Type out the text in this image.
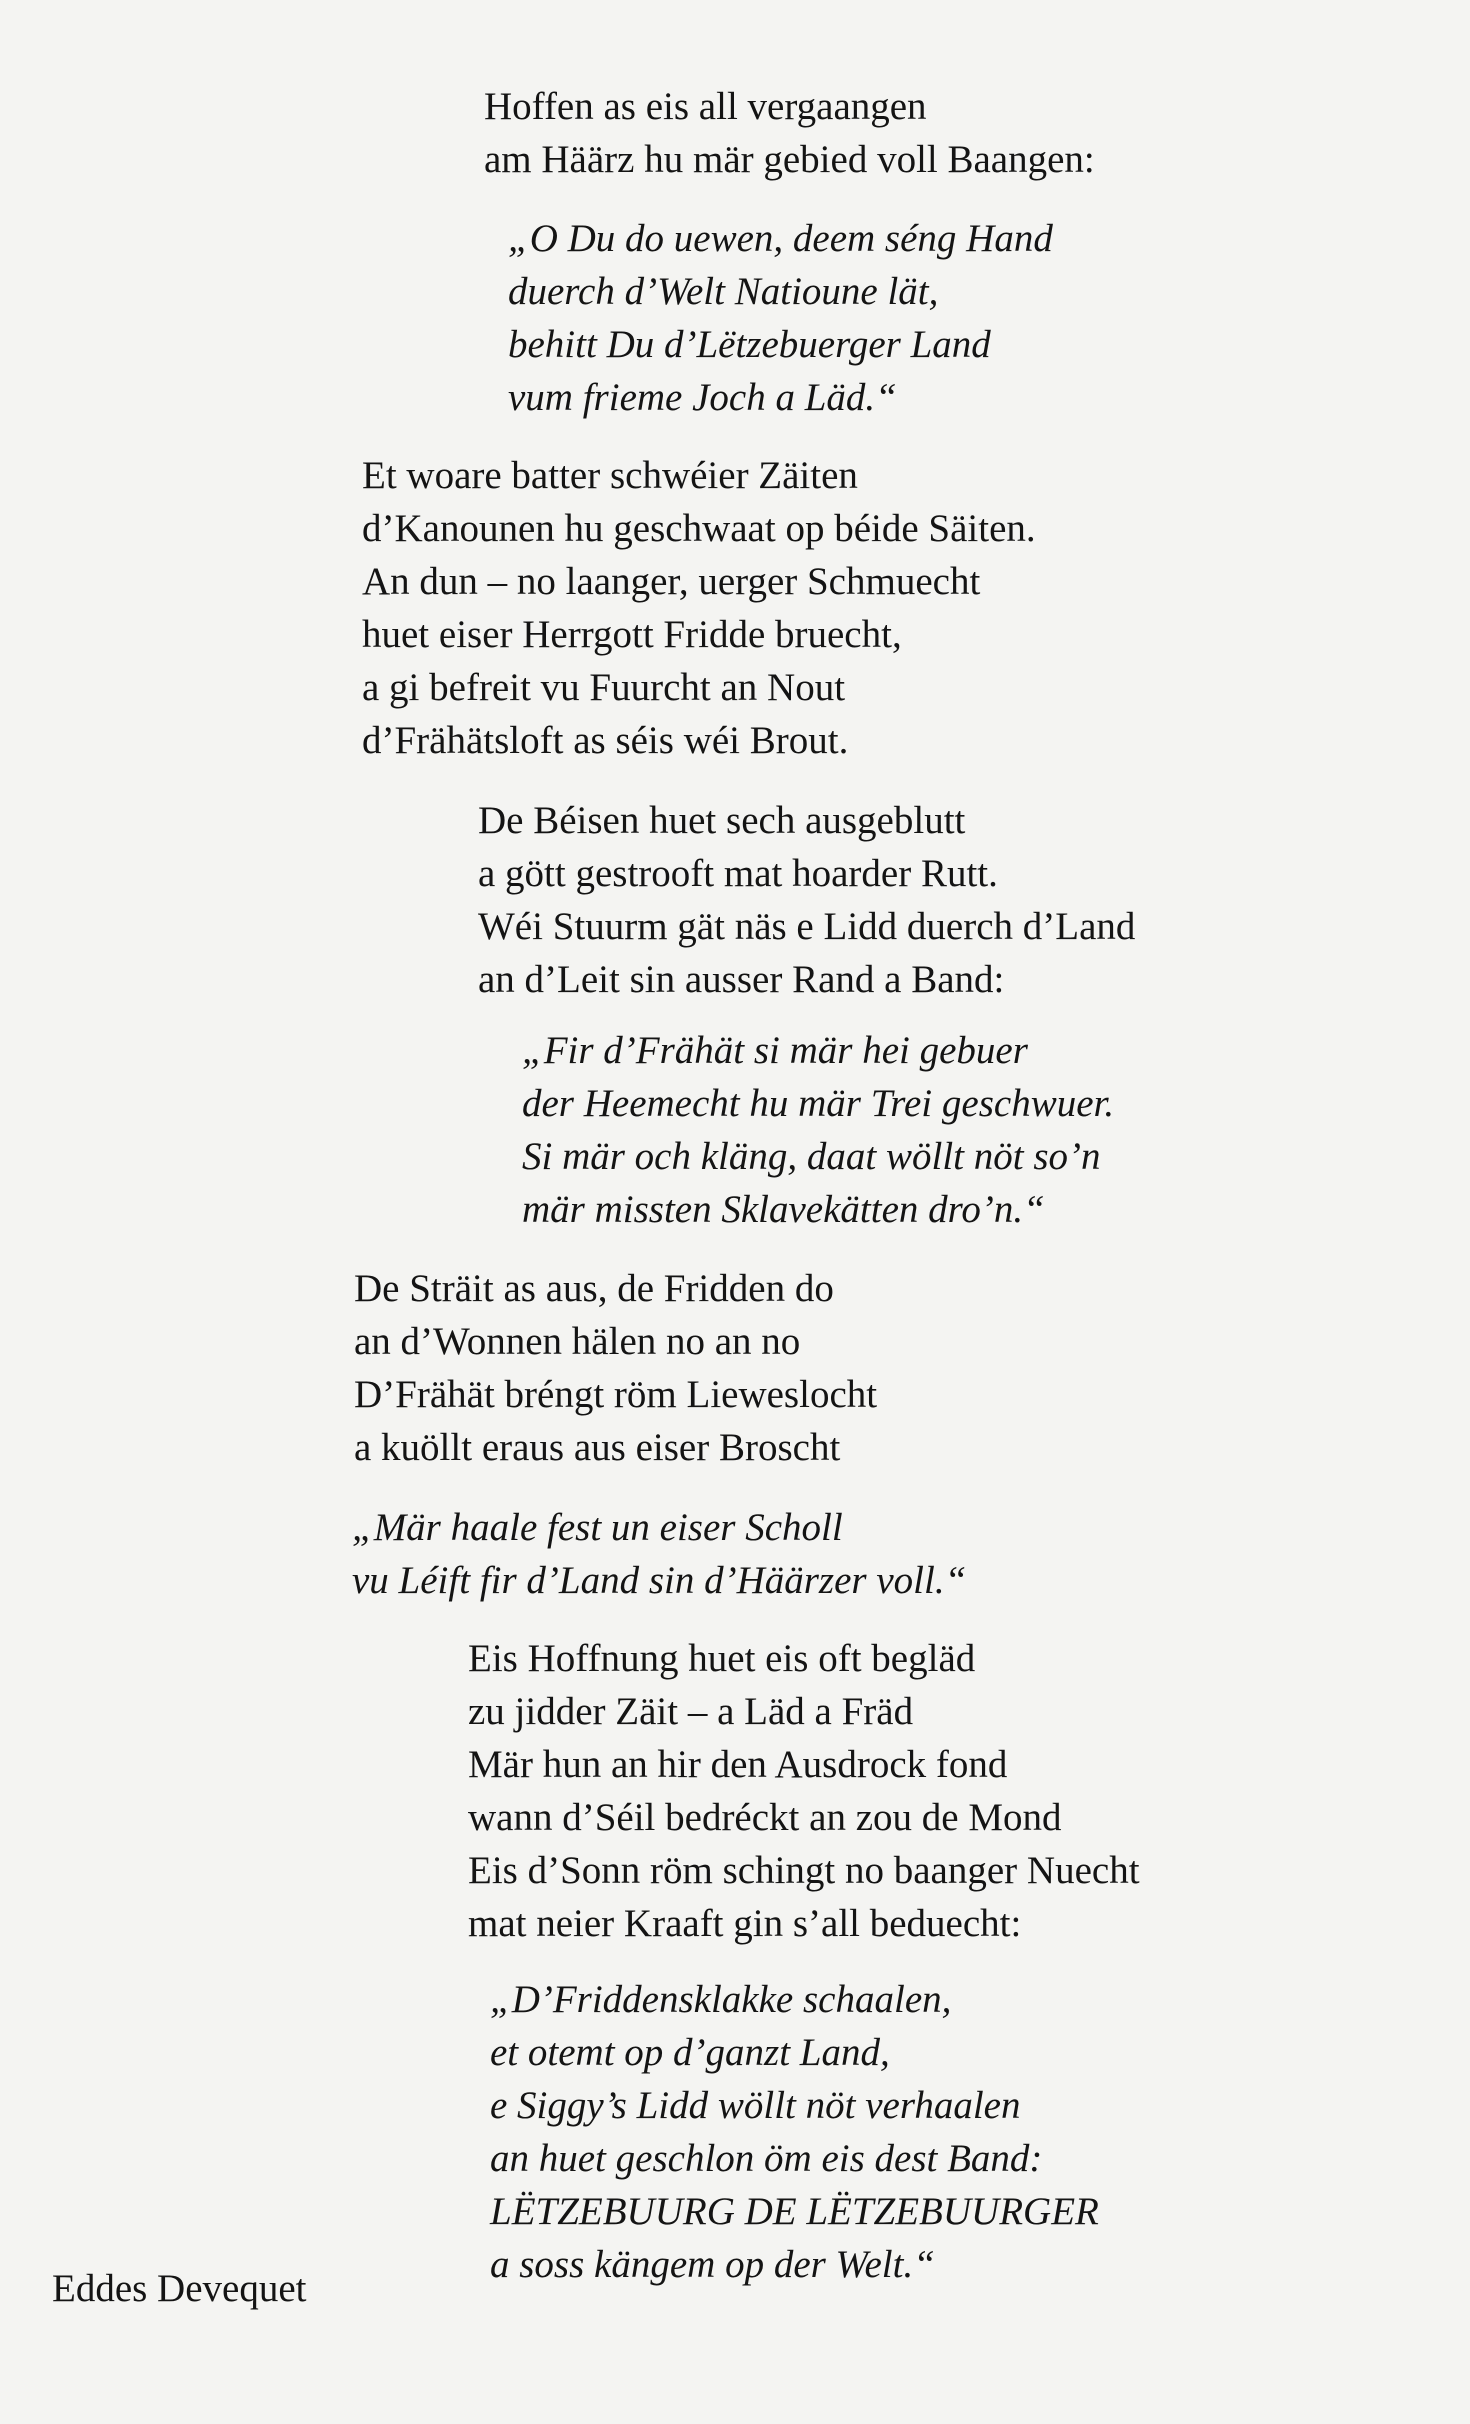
Hoffen as eis all vergaangen
am Häärz hu mär gebied voll Baangen:
„O Du do uewen, deem séng Hand
duerch d’Welt Natioune lät,
behitt Du d’Lëtzebuerger Land
vum frieme Joch a Läd.“
Et woare batter schwéier Zäiten
d’Kanounen hu geschwaat op béide Säiten.
An dun – no laanger, uerger Schmuecht
huet eiser Herrgott Fridde bruecht,
a gi befreit vu Fuurcht an Nout
d’Frähätsloft as séis wéi Brout.
De Béisen huet sech ausgeblutt
a gött gestrooft mat hoarder Rutt.
Wéi Stuurm gät näs e Lidd duerch d’Land
an d’Leit sin ausser Rand a Band:
„Fir d’Frähät si mär hei gebuer
der Heemecht hu mär Trei geschwuer.
Si mär och kläng, daat wöllt nöt so’n
mär missten Sklavekätten dro’n.“
De Sträit as aus, de Fridden do
an d’Wonnen hälen no an no
D’Frähät bréngt röm Lieweslocht
a kuöllt eraus aus eiser Broscht
„Mär haale fest un eiser Scholl
vu Léift fir d’Land sin d’Häärzer voll.“
Eis Hoffnung huet eis oft begläd
zu jidder Zäit – a Läd a Fräd
Mär hun an hir den Ausdrock fond
wann d’Séil bedréckt an zou de Mond
Eis d’Sonn röm schingt no baanger Nuecht
mat neier Kraaft gin s’all beduecht:
„D’Friddensklakke schaalen,
et otemt op d’ganzt Land,
e Siggy’s Lidd wöllt nöt verhaalen
an huet geschlon öm eis dest Band:
LËTZEBUURG DE LËTZEBUURGER
a soss kängem op der Welt.“
Eddes Devequet
